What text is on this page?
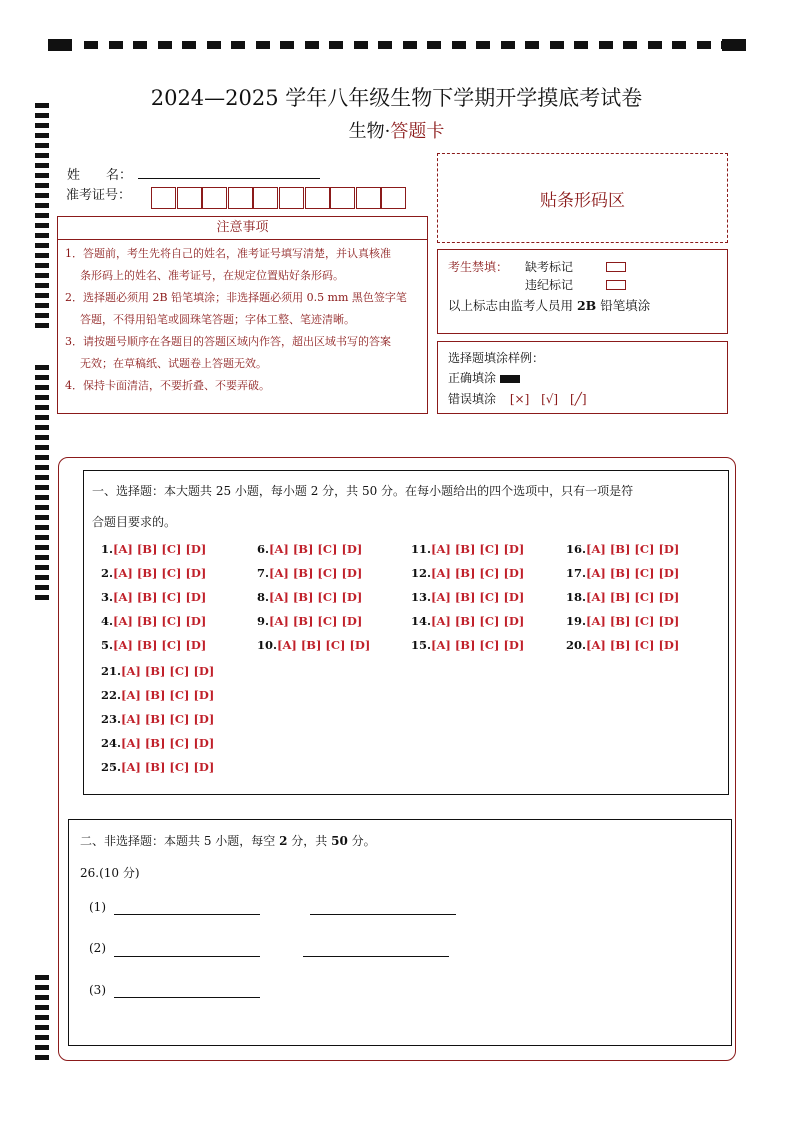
2024—2025 学年八年级生物下学期开学摸底考试卷
生物·答题卡
姓　　名：
准考证号：	贴条形码区
注意事项
1．答题前，考生先将自己的姓名，准考证号填写清楚，并认真核准
条形码上的姓名、准考证号，在规定位置贴好条形码。
2．选择题必须用 2B 铅笔填涂；非选择题必须用 0.5 mm 黑色签字笔
答题，不得用铅笔或圆珠笔答题；字体工整、笔迹清晰。
3．请按题号顺序在各题目的答题区域内作答，超出区域书写的答案
无效；在草稿纸、试题卷上答题无效。
4．保持卡面清洁，不要折叠、不要弄破。
考生禁填： 缺考标记
违纪标记
以上标志由监考人员用 2B 铅笔填涂
选择题填涂样例：
正确填涂
错误填涂 [×] [√] [╱]
一、选择题：本大题共 25 小题，每小题 2 分，共 50 分。在每小题给出的四个选项中，只有一项是符
合题目要求的。
1.[A] [B] [C] [D]
2.[A] [B] [C] [D]
3.[A] [B] [C] [D]
4.[A] [B] [C] [D]
5.[A] [B] [C] [D]
6.[A] [B] [C] [D]
7.[A] [B] [C] [D]
8.[A] [B] [C] [D]
9.[A] [B] [C] [D]
10.[A] [B] [C] [D]
11.[A] [B] [C] [D]
12.[A] [B] [C] [D]
13.[A] [B] [C] [D]
14.[A] [B] [C] [D]
15.[A] [B] [C] [D]
16.[A] [B] [C] [D]
17.[A] [B] [C] [D]
18.[A] [B] [C] [D]
19.[A] [B] [C] [D]
20.[A] [B] [C] [D]
21.[A] [B] [C] [D]
22.[A] [B] [C] [D]
23.[A] [B] [C] [D]
24.[A] [B] [C] [D]
25.[A] [B] [C] [D]
二、非选择题：本题共 5 小题，每空 2 分，共 50 分。
26.(10 分)
(1)
(2)
(3)
